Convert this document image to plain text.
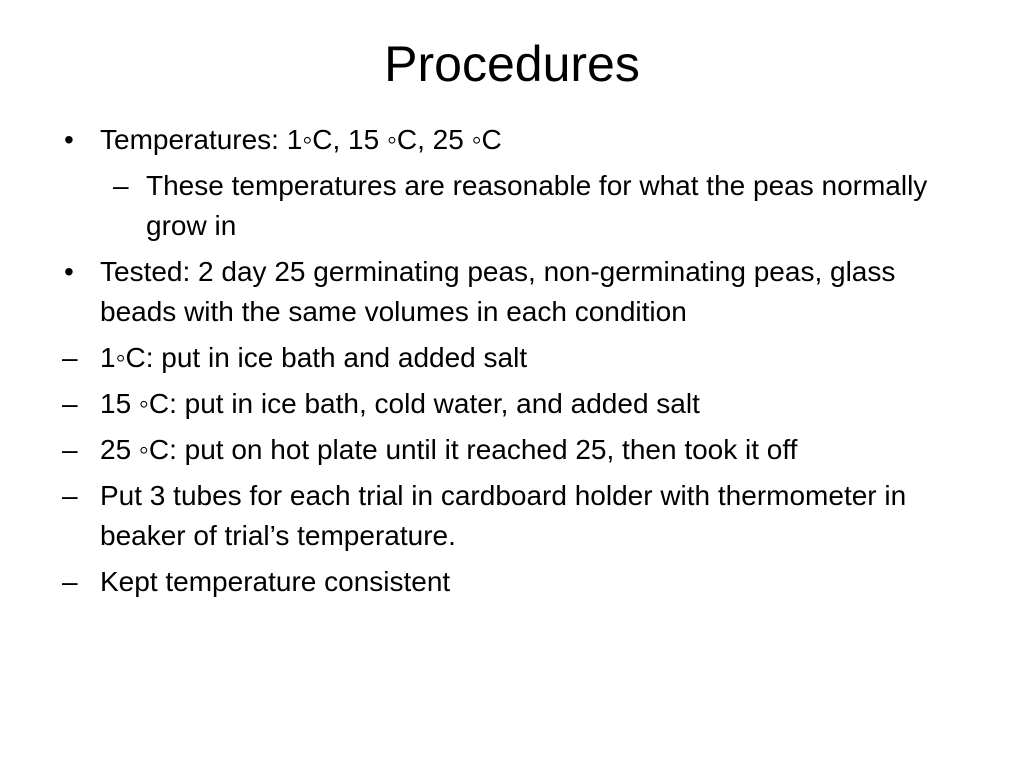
Procedures
• Temperatures: 1◦C, 15 ◦C, 25 ◦C
– These temperatures are reasonable for what the peas normally grow in
• Tested: 2 day 25 germinating peas, non-germinating peas, glass beads with the same volumes in each condition
– 1◦C: put in ice bath and added salt
– 15 ◦C: put in ice bath, cold water, and added salt
– 25 ◦C: put on hot plate until it reached 25, then took it off
– Put 3 tubes for each trial in cardboard holder with thermometer in beaker of trial’s temperature.
– Kept temperature consistent
